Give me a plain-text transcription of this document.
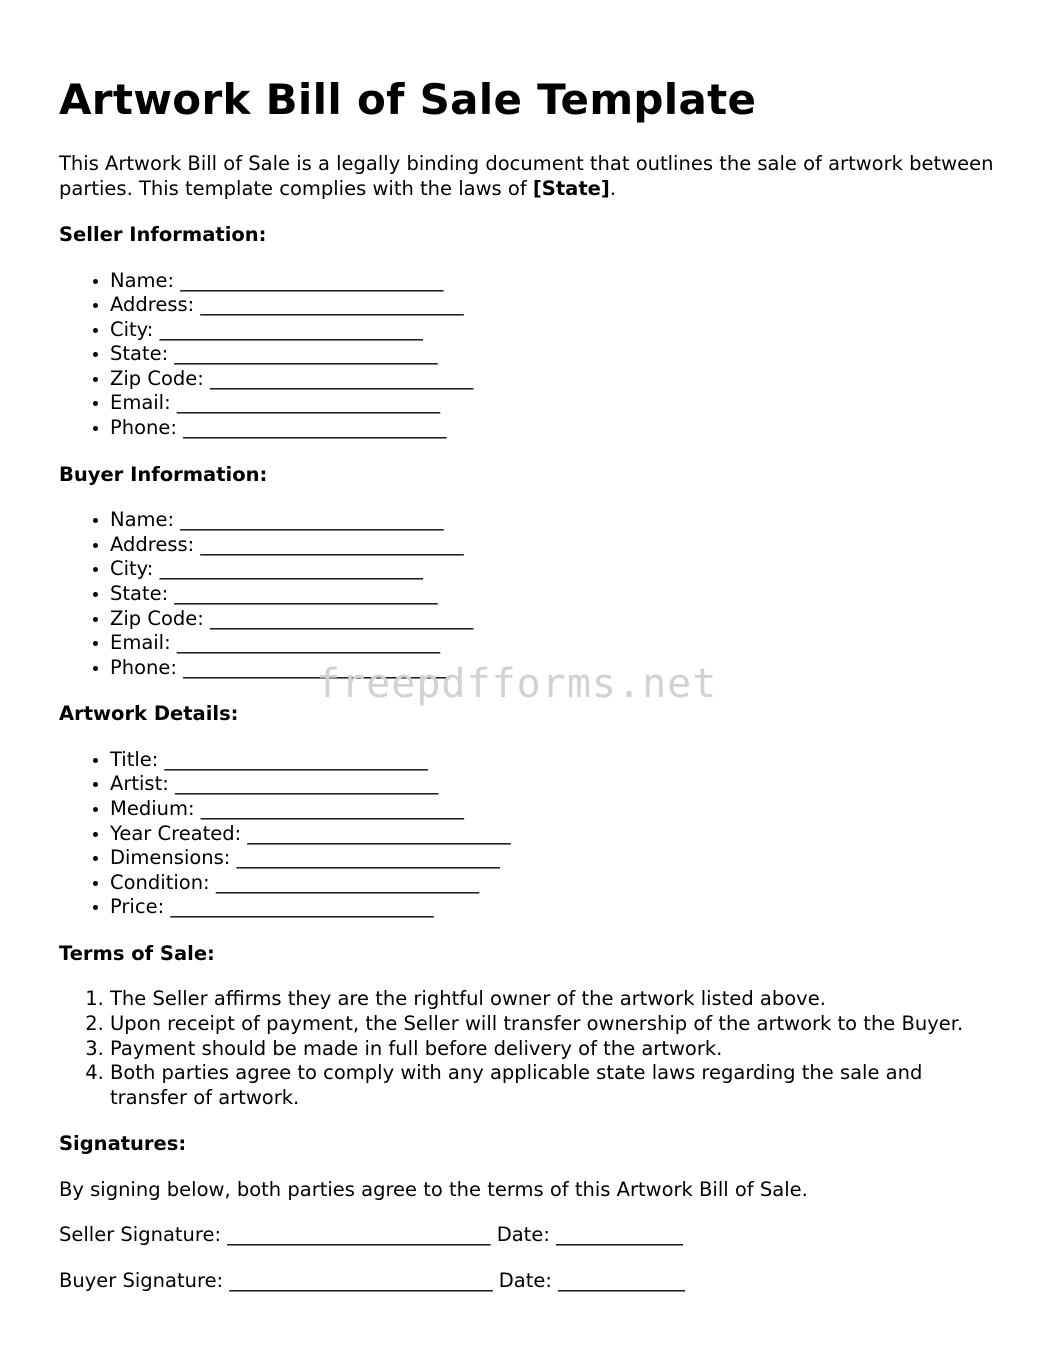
Artwork Bill of Sale Template

This Artwork Bill of Sale is a legally binding document that outlines the sale of artwork between parties. This template complies with the laws of [State].

Seller Information:
• Name: ___________________________
• Address: ___________________________
• City: ___________________________
• State: ___________________________
• Zip Code: ___________________________
• Email: ___________________________
• Phone: ___________________________
Buyer Information:
• Name: ___________________________
• Address: ___________________________
• City: ___________________________
• State: ___________________________
• Zip Code: ___________________________
• Email: ___________________________
• Phone: ___________________________
Artwork Details:
• Title: ___________________________
• Artist: ___________________________
• Medium: ___________________________
• Year Created: ___________________________
• Dimensions: ___________________________
• Condition: ___________________________
• Price: ___________________________
Terms of Sale:
1. The Seller affirms they are the rightful owner of the artwork listed above.
2. Upon receipt of payment, the Seller will transfer ownership of the artwork to the Buyer.
3. Payment should be made in full before delivery of the artwork.
4. Both parties agree to comply with any applicable state laws regarding the sale and transfer of artwork.
Signatures:

By signing below, both parties agree to the terms of this Artwork Bill of Sale.

Seller Signature: ___________________________ Date: _____________

Buyer Signature: ___________________________ Date: _____________

freepdfforms.net
